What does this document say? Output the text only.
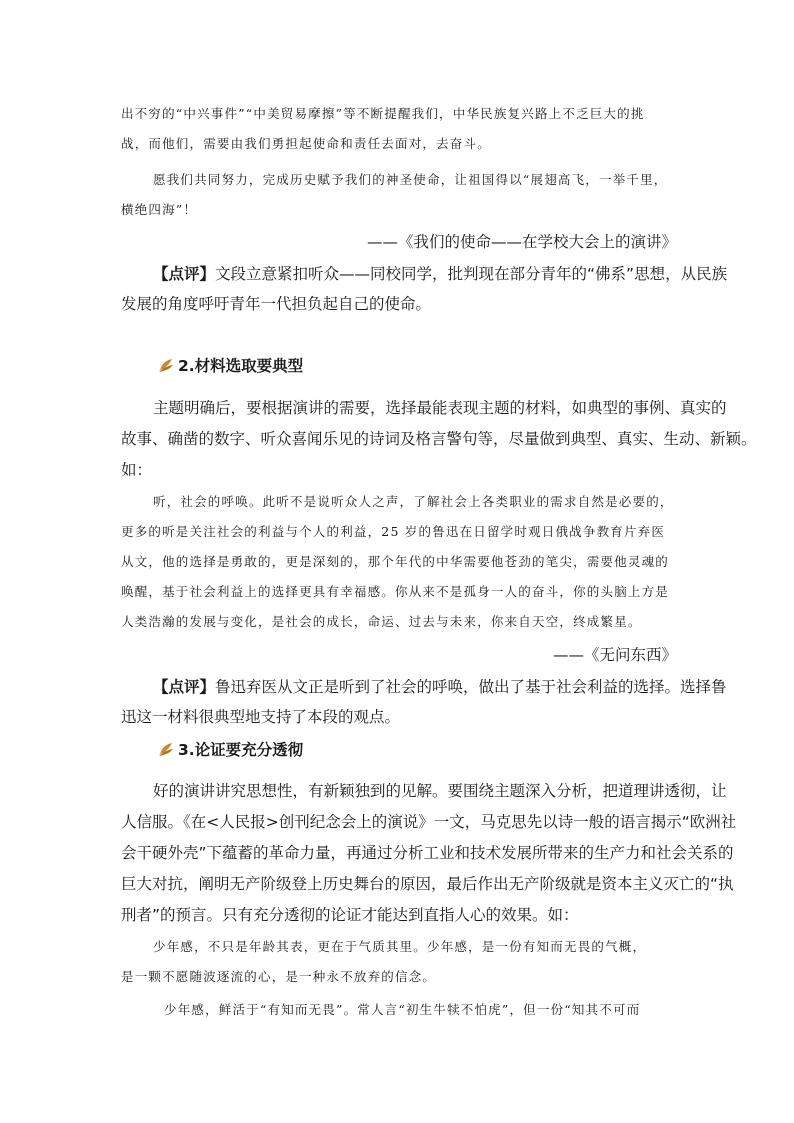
出不穷的“中兴事件”“中美贸易摩擦”等不断提醒我们，中华民族复兴路上不乏巨大的挑
战，而他们，需要由我们勇担起使命和责任去面对，去奋斗。
愿我们共同努力，完成历史赋予我们的神圣使命，让祖国得以“展翅高飞，一举千里，
横绝四海”！
——《我们的使命——在学校大会上的演讲》
【点评】文段立意紧扣听众——同校同学，批判现在部分青年的“佛系”思想，从民族
发展的角度呼吁青年一代担负起自己的使命。
2.材料选取要典型
主题明确后，要根据演讲的需要，选择最能表现主题的材料，如典型的事例、真实的
故事、确凿的数字、听众喜闻乐见的诗词及格言警句等，尽量做到典型、真实、生动、新颖。
如：
听，社会的呼唤。此听不是说听众人之声，了解社会上各类职业的需求自然是必要的，
更多的听是关注社会的利益与个人的利益，25 岁的鲁迅在日留学时观日俄战争教育片弃医
从文，他的选择是勇敢的，更是深刻的，那个年代的中华需要他苍劲的笔尖，需要他灵魂的
唤醒，基于社会利益上的选择更具有幸福感。你从来不是孤身一人的奋斗，你的头脑上方是
人类浩瀚的发展与变化，是社会的成长，命运、过去与未来，你来自天空，终成繁星。
——《无问东西》
【点评】鲁迅弃医从文正是听到了社会的呼唤，做出了基于社会利益的选择。选择鲁
迅这一材料很典型地支持了本段的观点。
3.论证要充分透彻
好的演讲讲究思想性，有新颖独到的见解。要围绕主题深入分析，把道理讲透彻，让
人信服。《在<人民报>创刊纪念会上的演说》一文，马克思先以诗一般的语言揭示“欧洲社
会干硬外壳”下蕴蓄的革命力量，再通过分析工业和技术发展所带来的生产力和社会关系的
巨大对抗，阐明无产阶级登上历史舞台的原因，最后作出无产阶级就是资本主义灭亡的“执
刑者”的预言。只有充分透彻的论证才能达到直指人心的效果。如：
少年感，不只是年龄其表，更在于气质其里。少年感，是一份有知而无畏的气概，
是一颗不愿随波逐流的心，是一种永不放弃的信念。
少年感，鲜活于“有知而无畏”。常人言“初生牛犊不怕虎”，但一份“知其不可而
